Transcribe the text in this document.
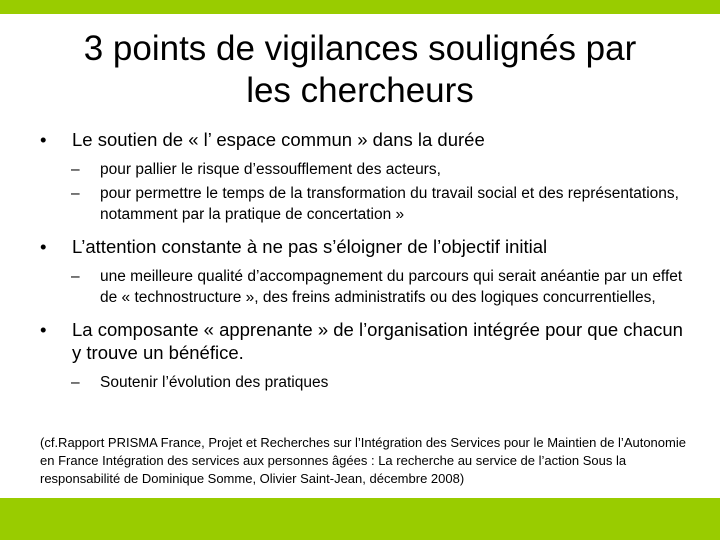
3 points de vigilances soulignés par
les chercheurs
• Le soutien de « l’ espace commun » dans la durée
– pour pallier le risque d’essoufflement des acteurs,
– pour permettre le temps de la transformation du travail social et des représentations, notamment par la pratique de concertation »
• L’attention constante à ne pas s’éloigner de l’objectif initial
– une meilleure qualité d’accompagnement du parcours qui serait anéantie par un effet de « technostructure », des freins administratifs ou des logiques concurrentielles,
• La composante « apprenante » de l’organisation intégrée pour que chacun y trouve un bénéfice.
– Soutenir l’évolution des pratiques
(cf.Rapport PRISMA France, Projet et Recherches sur l’Intégration des Services pour le Maintien de l’Autonomie en France Intégration des services aux personnes âgées : La recherche au service de l’action Sous la responsabilité de Dominique Somme, Olivier Saint-Jean, décembre 2008)
